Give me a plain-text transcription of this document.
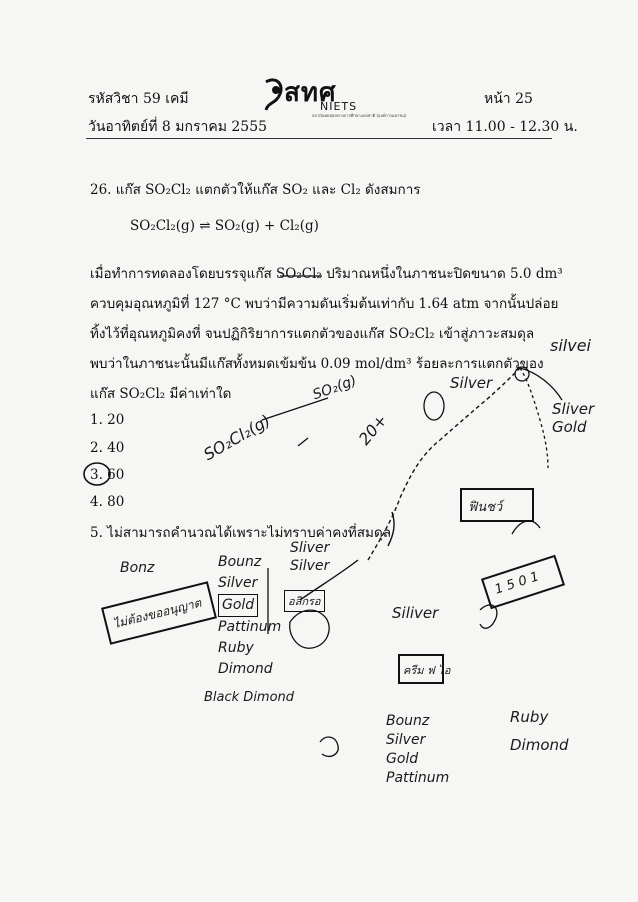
รหัสวิชา 59 เคมี
วันอาทิตย์ที่ 8 มกราคม 2555
สทศ
NIETS
สถาบันทดสอบทางการศึกษาแห่งชาติ (องค์การมหาชน)
หน้า 25
เวลา 11.00 - 12.30 น.
26. แก๊ส SO₂Cl₂ แตกตัวให้แก๊ส SO₂ และ Cl₂ ดังสมการ
SO₂Cl₂(g) ⇌ SO₂(g) + Cl₂(g)
เมื่อทำการทดลองโดยบรรจุแก๊ส SO₂Cl₂ ปริมาณหนึ่งในภาชนะปิดขนาด 5.0 dm³
ควบคุมอุณหภูมิที่ 127 °C พบว่ามีความดันเริ่มต้นเท่ากับ 1.64 atm จากนั้นปล่อย
ทิ้งไว้ที่อุณหภูมิคงที่ จนปฏิกิริยาการแตกตัวของแก๊ส SO₂Cl₂ เข้าสู่ภาวะสมดุล
พบว่าในภาชนะนั้นมีแก๊สทั้งหมดเข้มข้น 0.09 mol/dm³ ร้อยละการแตกตัวของ
แก๊ส SO₂Cl₂ มีค่าเท่าใด
1. 20
2. 40
3. 60
4. 80
5. ไม่สามารถคำนวณได้เพราะไม่ทราบค่าคงที่สมดุล
silvei
Silver
Sliver
Gold
SO₂Cl₂(g)
SO₂(g)
20+
Bonz
ไม่ต้องขออนุญาต
Bounz
Silver
Gold
Pattinum
Ruby
Dimond
Black Dimond
Sliver
Silver
อลิกรอ
Siliver
ฟินชว์
1 5 0 1
ครีม ฟ ไอ
Bounz
Silver
Gold
Pattinum
Ruby
Dimond
